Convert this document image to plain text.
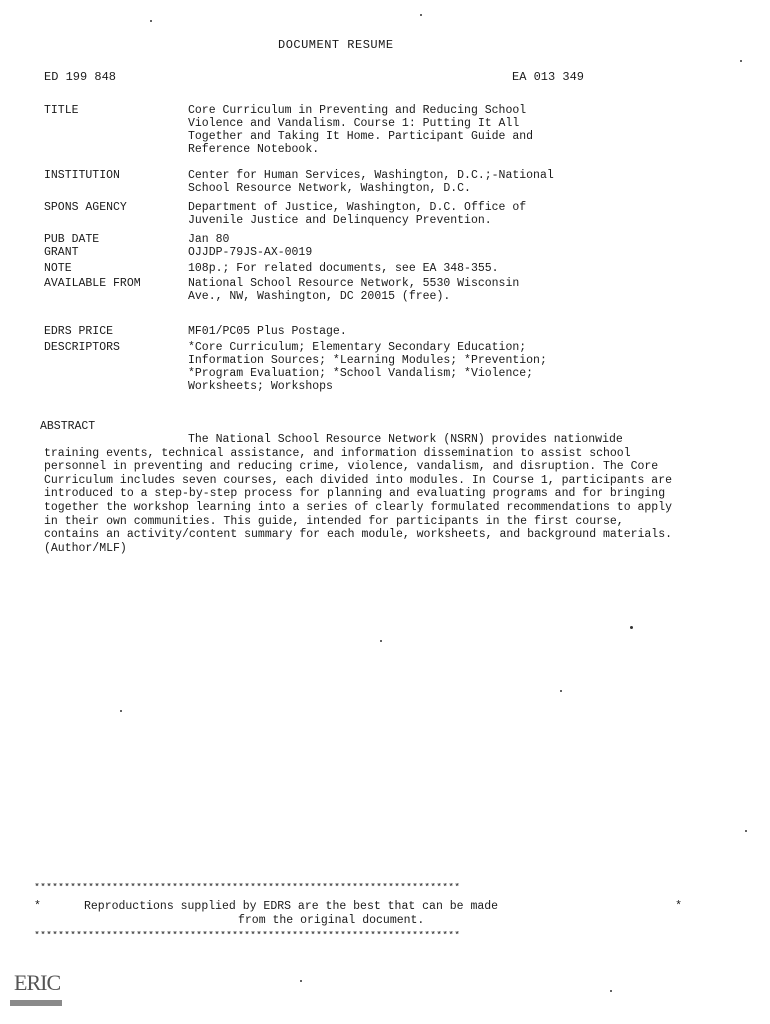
DOCUMENT RESUME
ED 199 848	EA 013 349
TITLE	Core Curriculum in Preventing and Reducing School
Violence and Vandalism. Course 1: Putting It All
Together and Taking It Home. Participant Guide and
Reference Notebook.
INSTITUTION	Center for Human Services, Washington, D.C.;-National
School Resource Network, Washington, D.C.
SPONS AGENCY	Department of Justice, Washington, D.C. Office of
Juvenile Justice and Delinquency Prevention.
PUB DATE	Jan 80
GRANT	OJJDP-79JS-AX-0019
NOTE	108p.; For related documents, see EA 348-355.
AVAILABLE FROM	National School Resource Network, 5530 Wisconsin
Ave., NW, Washington, DC 20015 (free).
EDRS PRICE	MF01/PC05 Plus Postage.
DESCRIPTORS	*Core Curriculum; Elementary Secondary Education;
Information Sources; *Learning Modules; *Prevention;
*Program Evaluation; *School Vandalism; *Violence;
Worksheets; Workshops
ABSTRACT

The National School Resource Network (NSRN) provides nationwide training events, technical assistance, and information dissemination to assist school personnel in preventing and reducing crime, violence, vandalism, and disruption. The Core Curriculum includes seven courses, each divided into modules. In Course 1, participants are introduced to a step-by-step process for planning and evaluating programs and for bringing together the workshop learning into a series of clearly formulated recommendations to apply in their own communities. This guide, intended for participants in the first course, contains an activity/content summary for each module, worksheets, and background materials. (Author/MLF)

***********************************************************************
*	Reproductions supplied by EDRS are the best that can be made	*
from the original document.
***********************************************************************
ERIC
